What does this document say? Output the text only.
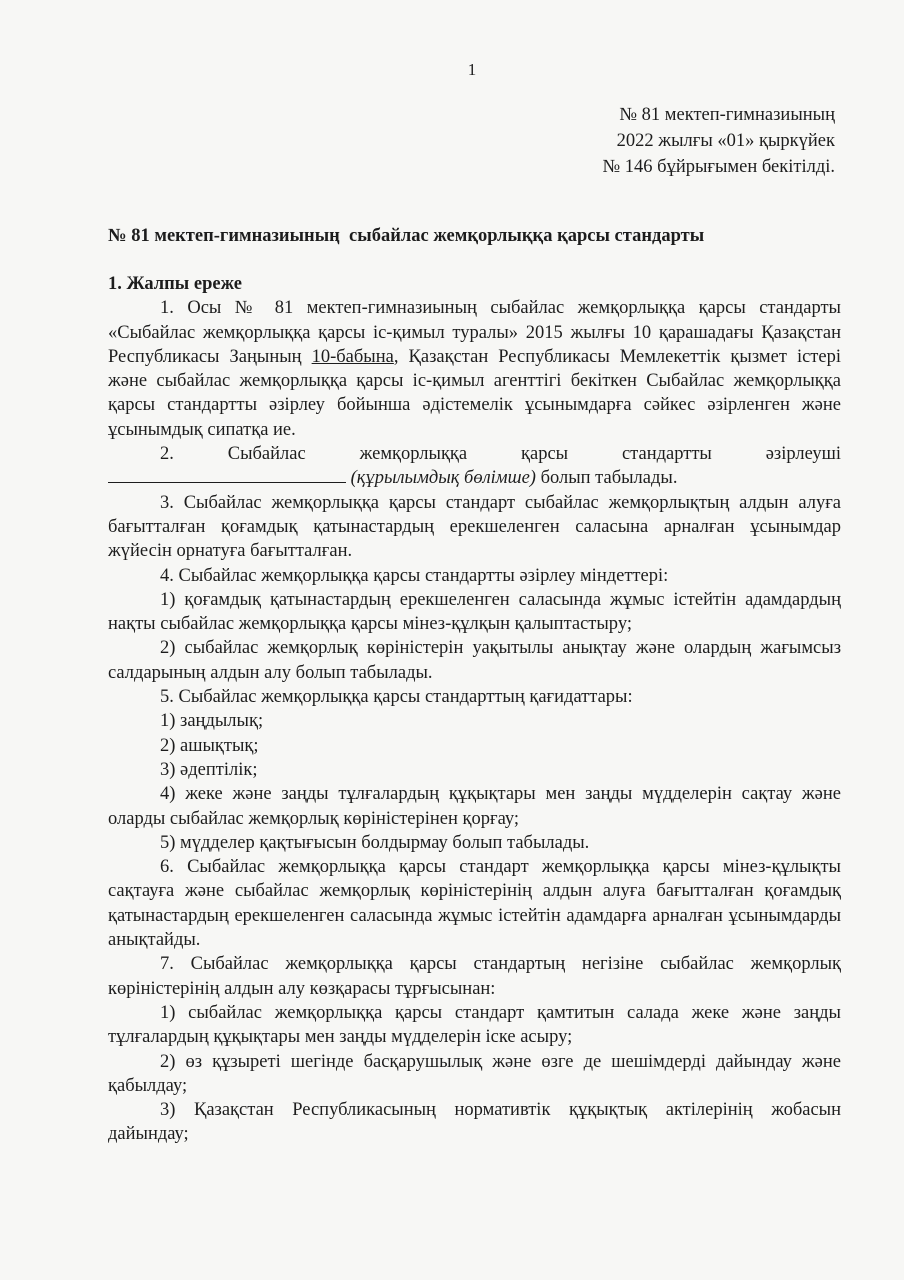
1
№ 81 мектеп-гимназиының
2022 жылғы «01» қыркүйек
№ 146 бұйрығымен бекітілді.
№ 81 мектеп-гимназиының  сыбайлас жемқорлыққа қарсы стандарты

1. Жалпы ереже

1. Осы № 81 мектеп-гимназиының сыбайлас жемқорлыққа қарсы стандарты «Сыбайлас жемқорлыққа қарсы іс-қимыл туралы» 2015 жылғы 10 қарашадағы Қазақстан Республикасы Заңының 10-бабына, Қазақстан Республикасы Мемлекеттік қызмет істері және сыбайлас жемқорлыққа қарсы іс-қимыл агенттігі бекіткен Сыбайлас жемқорлыққа қарсы стандартты әзірлеу бойынша әдістемелік ұсынымдарға сәйкес әзірленген және ұсынымдық сипатқа ие.

2. Сыбайлас жемқорлыққа қарсы стандартты әзірлеуші

(құрылымдық бөлімше) болып табылады.

3. Сыбайлас жемқорлыққа қарсы стандарт сыбайлас жемқорлықтың алдын алуға бағытталған қоғамдық қатынастардың ерекшеленген саласына арналған ұсынымдар жүйесін орнатуға бағытталған.

4. Сыбайлас жемқорлыққа қарсы стандартты әзірлеу міндеттері:

1) қоғамдық қатынастардың ерекшеленген саласында жұмыс істейтін адамдардың нақты сыбайлас жемқорлыққа қарсы мінез-құлқын қалыптастыру;

2) сыбайлас жемқорлық көріністерін уақытылы анықтау және олардың жағымсыз салдарының алдын алу болып табылады.

5. Сыбайлас жемқорлыққа қарсы стандарттың қағидаттары:

1) заңдылық;

2) ашықтық;

3) әдептілік;

4) жеке және заңды тұлғалардың құқықтары мен заңды мүдделерін сақтау және оларды сыбайлас жемқорлық көріністерінен қорғау;

5) мүдделер қақтығысын болдырмау болып табылады.

6. Сыбайлас жемқорлыққа қарсы стандарт жемқорлыққа қарсы мінез-құлықты сақтауға және сыбайлас жемқорлық көріністерінің алдын алуға бағытталған қоғамдық қатынастардың ерекшеленген саласында жұмыс істейтін адамдарға арналған ұсынымдарды анықтайды.

7. Сыбайлас жемқорлыққа қарсы стандартың негізіне сыбайлас жемқорлық көріністерінің алдын алу көзқарасы тұрғысынан:

1) сыбайлас жемқорлыққа қарсы стандарт қамтитын салада жеке және заңды тұлғалардың құқықтары мен заңды мүдделерін іске асыру;

2) өз құзыреті шегінде басқарушылық және өзге де шешімдерді дайындау және қабылдау;

3) Қазақстан Республикасының нормативтік құқықтық актілерінің жобасын дайындау;
